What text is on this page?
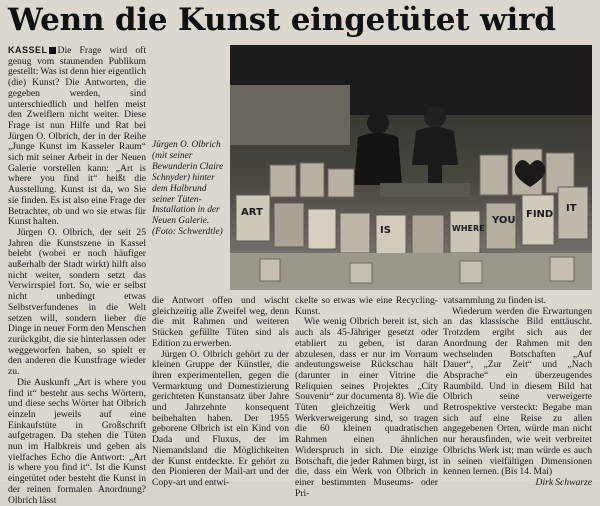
Wenn die Kunst eingetütet wird

KASSEL Die Frage wird oft genug vom staunenden Publikum gestellt: Was ist denn hier eigentlich (die) Kunst? Die Antworten, die gegeben werden, sind unterschiedlich und helfen meist den Zweiflern nicht weiter. Diese Frage ist nun Hilfe und Rat bei Jürgen O. Olbrich, der in der Reihe „Junge Kunst im Kasseler Raum“ sich mit seiner Arbeit in der Neuen Galerie vorstellen kann: „Art is where you find it“ heißt die Ausstellung. Kunst ist da, wo Sie sie finden. Es ist also eine Frage der Betrachter, ob und wo sie etwas für Kunst halten.

Jürgen O. Olbrich, der seit 25 Jahren die Kunstszene in Kassel belebt (wobei er noch häufiger außerhalb der Stadt wirkt) hilft also nicht weiter, sondern setzt das Verwirrspiel fort. So, wie er selbst nicht unbedingt etwas Selbstverfundenes in die Welt setzen will, sondern lieber die Dinge in neuer Form den Menschen zurückgibt, die sie hinterlassen oder weggeworfen haben, so spielt er den anderen die Kunstfrage wieder zu.

Die Auskunft „Art is where you find it“ besteht aus sechs Wörtern, und diese sechs Wörter hat Olbrich einzeln jeweils auf eine Einkaufstüte in Großschrift aufgetragen. Da stehen die Tüten nun im Halbkreis und geben als vielfaches Echo die Antwort: „Art is where you find it“. Ist die Kunst eingetütet oder besteht die Kunst in der reinen formalen Anordnung? Olbrich lässt

Jürgen O. Olbrich (mit seiner Bewunderin Claire Schnyder) hinter dem Halbrund seiner Tüten-Installation in der Neuen Galerie.

(Foto: Schwerdtle)

ART
IS	WHERE
YOU
FIND
IT

die Antwort offen und wischt gleichzeitig alle Zweifel weg, denn die mit Rahmen und weiteren Stücken gefüllte Tüten sind als Edition zu erwerben.

Jürgen O. Olbrich gehört zu der kleinen Gruppe der Künstler, die ihren experimentellen, gegen die Vermarktung und Domestizierung gerichteten Kunstansatz über Jahre und Jahrzehnte konsequent beibehalten haben. Der 1955 geborene Olbrich ist ein Kind von Dada und Fluxus, der im Niemandsland die Möglichkeiten der Kunst entdeckte. Er gehört zu den Pionieren der Mail-art und der Copy-art und entwi-

ckelte so etwas wie eine Recycling-Kunst.

Wie wenig Olbrich bereit ist, sich auch als 45-Jähriger gesetzt oder etabliert zu geben, ist daran abzulesen, dass er nur im Vorraum andeutungsweise Rückschau hält (darunter in einer Vitrine die Reliquien seines Projektes „City Souvenir“ zur documenta 8). Wie die Tüten gleichzeitig Werk und Werkverweigerung sind, so tragen die 60 kleinen quadratischen Rahmen einen ähnlichen Widerspruch in sich. Die einzige Botschaft, die jeder Rahmen birgt, ist die, dass ein Werk von Olbrich in einer bestimmten Museums- oder Pri-

vatsammlung zu finden ist.

Wiederum werden die Erwartungen an das klassische Bild enttäuscht. Trotzdem ergibt sich aus der Anordnung der Rahmen mit den wechselnden Botschaften „Auf Dauer“, „Zur Zeit“ und „Nach Absprache“ ein überzeugendes Raumbild. Und in diesem Bild hat Olbrich seine verweigerte Retrospektive versteckt: Begabe man sich auf eine Reise zu allen angegebenen Orten, würde man nicht nur herausfinden, wie weit verbreitet Olbrichs Werk ist; man würde es auch in seinen vielfältigen Dimensionen kennen lernen. (Bis 14. Mai)

Dirk Schwarze
